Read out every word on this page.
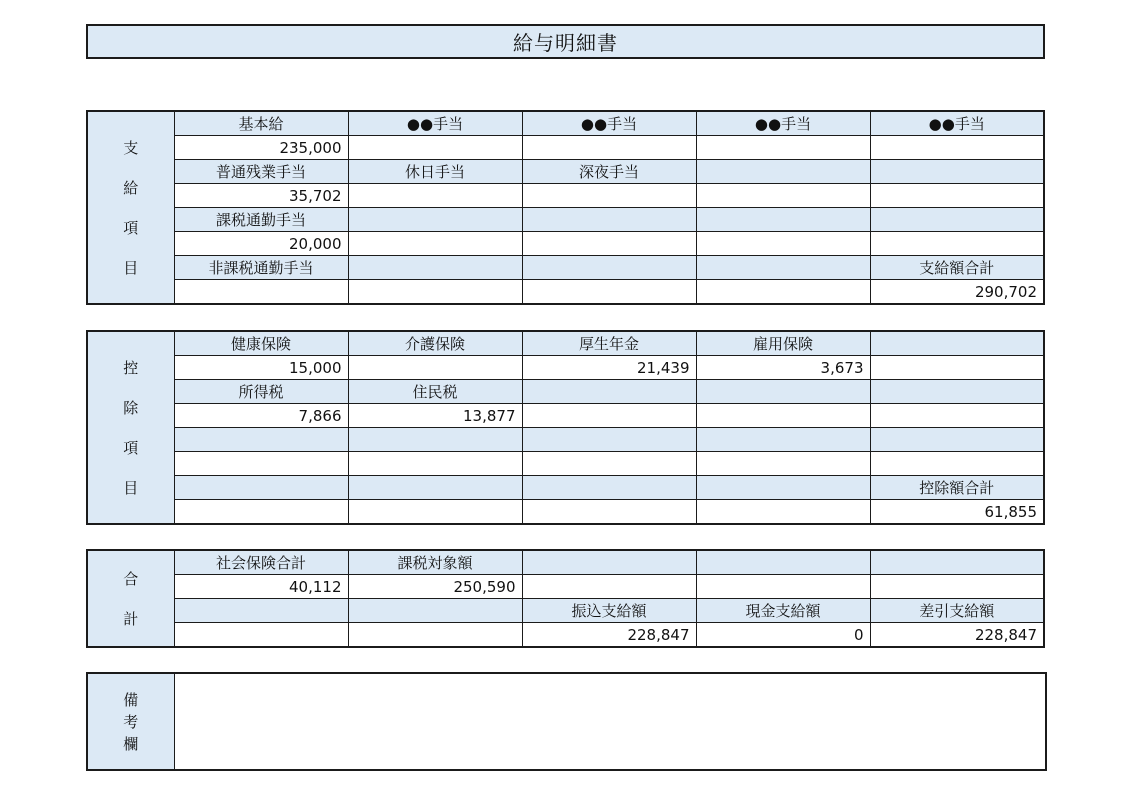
給与明細書
支
給
項
目	基本給	●●手当	●●手当	●●手当	●●手当
	235,000				
	普通残業手当	休日手当	深夜手当		
	35,702				
	課税通勤手当				
	20,000				
	非課税通勤手当				支給額合計
					290,702
控
除
項
目	健康保険	介護保険	厚生年金	雇用保険	
	15,000		21,439	3,673	
	所得税	住民税			
	7,866	13,877			

					控除額合計
					61,855
合
計	社会保険合計	課税対象額			
	40,112	250,590			
			振込支給額	現金支給額	差引支給額
			228,847	0	228,847
備
考
欄
